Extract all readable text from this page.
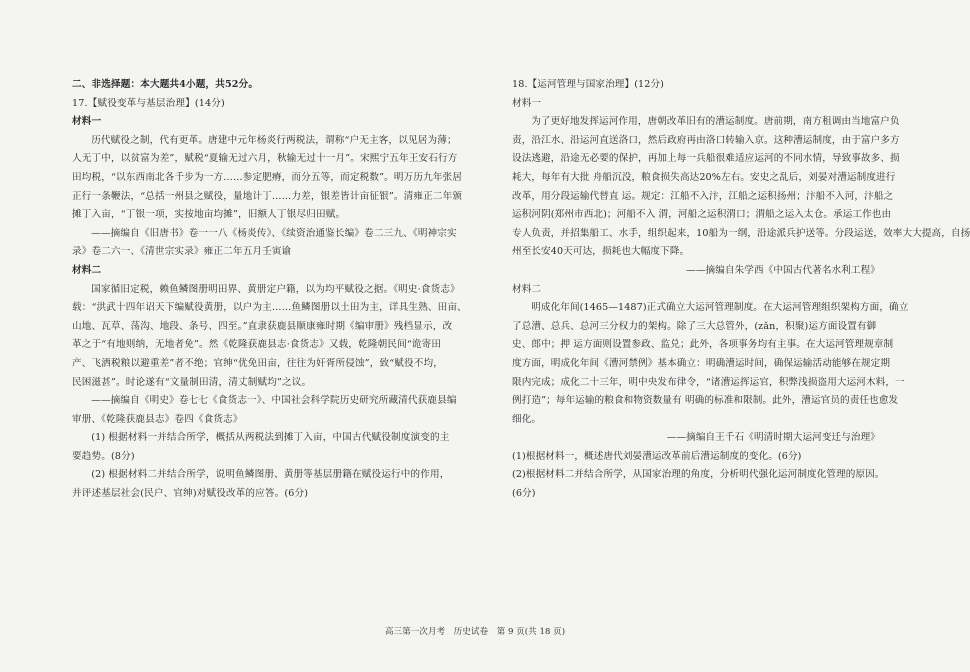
二、非选择题：本大题共4小题，共52分。

17.【赋役变革与基层治理】(14分)

材料一

历代赋役之制，代有更革。唐建中元年杨炎行两税法，谓称“户无主客，以见居为薄；

人无丁中，以贫富为差”，赋税“夏输无过六月，秋输无过十一月”。宋熙宁五年王安石行方

田均税，“以东西南北各千步为一方……参定肥瘠，而分五等，而定税数”。明万历九年张居

正行一条鞭法，“总括一州县之赋役，量地计丁……力差，银差皆计亩征银”。清雍正二年颁

摊丁入亩，“丁银一项，实按地亩均摊”，旧额人丁银尽归田赋。

——摘编自《旧唐书》卷一一八《杨炎传》、《续资治通鉴长编》卷二三九、《明神宗实

录》卷二六一、《清世宗实录》雍正二年五月壬寅谕

材料二

国家循旧定税，赖鱼鳞图册明田界、黄册定户籍，以为均平赋役之据。《明史·食货志》

载：“洪武十四年诏天下编赋役黄册，以户为主……鱼鳞图册以土田为主，详具生熟、田亩、

山地、瓦草、荡沟、地段、条号、四至。”直隶获鹿县顺康雍时期《编审册》残档显示，改

革之于“有地则纳，无地者免”。然《乾隆获鹿县志·食货志》又载，乾隆朝民间“诡寄田

产、飞洒税粮以避重差”者不绝；官绅“优免田亩，往往为奸胥所侵蚀”，致“赋役不均，

民困滋甚”。时论遂有“文量制田清，清丈制赋均”之议。

——摘编自《明史》卷七七《食货志一》、中国社会科学院历史研究所藏清代获鹿县编

审册、《乾隆获鹿县志》卷四《食货志》

(1) 根据材料一并结合所学，概括从两税法到摊丁入亩，中国古代赋役制度演变的主

要趋势。(8分)

(2) 根据材料二并结合所学，说明鱼鳞图册、黄册等基层册籍在赋役运行中的作用，

并评述基层社会(民户、官绅)对赋役改革的应答。(6分)

18.【运河管理与国家治理】(12分)

材料一

为了更好地发挥运河作用，唐朝改革旧有的漕运制度。唐前期，南方租调由当地富户负

责，沿江水、沿运河直送洛口，然后政府再由洛口转输入京。这种漕运制度，由于富户多方

设法逃避，沿途无必要的保护，再加上每一兵船很难适应运河的不同水情，导致事故多、损

耗大，每年有大批 舟船沉没，粮食损失高达20%左右。安史之乱后，刘晏对漕运制度进行

改革，用分段运输代替直 运。规定：江船不入汴，江船之运积扬州；汴船不入河，汴船之

运积河阴(郑州市西北)；河船不入 渭，河船之运积渭口；渭船之运入太仓。承运工作也由

专人负责，并招集船工、水手，组织起来，10船为一纲，沿途派兵护送等。分段运送，效率大大提高，自扬

州至长安40天可达，损耗也大幅度下降。

——摘编自朱学西《中国古代著名水利工程》

材料二

明成化年间(1465—1487)正式确立大运河管理制度。在大运河管理组织架构方面，确立

了总漕、总兵、总河三分权力的架构。除了三大总管外，(zǎn，积聚)运方面设置有御

史、郎中；押 运方面则设置参政、监兑；此外，各项事务均有主事。在大运河管理规章制

度方面，明成化年间《漕河禁例》基本确立：明确漕运时间，确保运输活动能够在规定期

限内完成；成化二十三年，明中央发布律令，“诸漕运挥运官，积弊浅损盗用大运河木料，一

例打造”；每年运输的粮食和物资数量有 明确的标准和限制。此外，漕运官员的责任也愈发

细化。

——摘编自王千石《明清时期大运河变迁与治理》

(1)根据材料一，概述唐代刘晏漕运改革前后漕运制度的变化。(6分)

(2)根据材料二并结合所学，从国家治理的角度，分析明代强化运河制度化管理的原因。

(6分)

高三第一次月考　历史试卷　第 9 页(共 18 页)
